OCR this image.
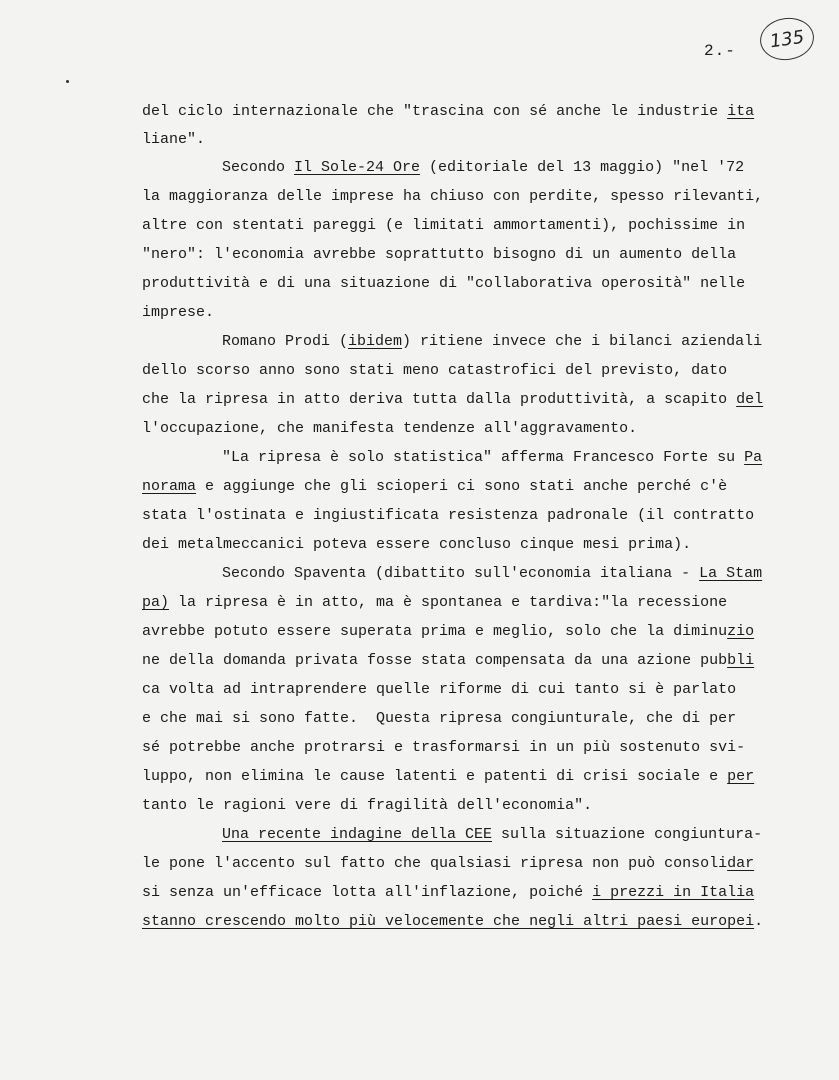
2.-	135
del ciclo internazionale che "trascina con sé anche le industrie ita
liane".
Secondo Il Sole-24 Ore (editoriale del 13 maggio) "nel '72
la maggioranza delle imprese ha chiuso con perdite, spesso rilevanti,
altre con stentati pareggi (e limitati ammortamenti), pochissime in
"nero": l'economia avrebbe soprattutto bisogno di un aumento della
produttività e di una situazione di "collaborativa operosità" nelle
imprese.
Romano Prodi (ibidem) ritiene invece che i bilanci aziendali
dello scorso anno sono stati meno catastrofici del previsto, dato
che la ripresa in atto deriva tutta dalla produttività, a scapito del
l'occupazione, che manifesta tendenze all'aggravamento.
"La ripresa è solo statistica" afferma Francesco Forte su Pa
norama e aggiunge che gli scioperi ci sono stati anche perché c'è
stata l'ostinata e ingiustificata resistenza padronale (il contratto
dei metalmeccanici poteva essere concluso cinque mesi prima).
Secondo Spaventa (dibattito sull'economia italiana - La Stam
pa) la ripresa è in atto, ma è spontanea e tardiva:"la recessione
avrebbe potuto essere superata prima e meglio, solo che la diminuzio
ne della domanda privata fosse stata compensata da una azione pubbli
ca volta ad intraprendere quelle riforme di cui tanto si è parlato
e che mai si sono fatte.  Questa ripresa congiunturale, che di per
sé potrebbe anche protrarsi e trasformarsi in un più sostenuto svi-
luppo, non elimina le cause latenti e patenti di crisi sociale e per
tanto le ragioni vere di fragilità dell'economia".
Una recente indagine della CEE sulla situazione congiuntura-
le pone l'accento sul fatto che qualsiasi ripresa non può consolidar
si senza un'efficace lotta all'inflazione, poiché i prezzi in Italia
stanno crescendo molto più velocemente che negli altri paesi europei.
